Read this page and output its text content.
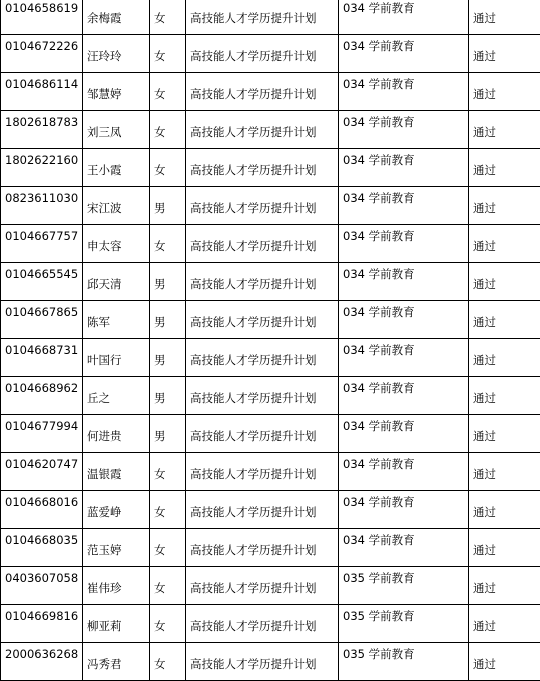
0104658619	余梅霞	女	高技能人才学历提升计划	034 学前教育	通过

0104672226	汪玲玲	女	高技能人才学历提升计划	034 学前教育	通过

0104686114	邹慧婷	女	高技能人才学历提升计划	034 学前教育	通过

1802618783	刘三凤	女	高技能人才学历提升计划	034 学前教育	通过

1802622160	王小霞	女	高技能人才学历提升计划	034 学前教育	通过

0823611030	宋江波	男	高技能人才学历提升计划	034 学前教育	通过

0104667757	申太容	女	高技能人才学历提升计划	034 学前教育	通过

0104665545	邱天清	男	高技能人才学历提升计划	034 学前教育	通过

0104667865	陈军	男	高技能人才学历提升计划	034 学前教育	通过

0104668731	叶国行	男	高技能人才学历提升计划	034 学前教育	通过

0104668962	丘之	男	高技能人才学历提升计划	034 学前教育	通过

0104677994	何进贵	男	高技能人才学历提升计划	034 学前教育	通过

0104620747	温银霞	女	高技能人才学历提升计划	034 学前教育	通过

0104668016	蓝爱峥	女	高技能人才学历提升计划	034 学前教育	通过

0104668035	范玉婷	女	高技能人才学历提升计划	034 学前教育	通过

0403607058	崔伟珍	女	高技能人才学历提升计划	035 学前教育	通过

0104669816	柳亚莉	女	高技能人才学历提升计划	035 学前教育	通过

2000636268	冯秀君	女	高技能人才学历提升计划	035 学前教育	通过
